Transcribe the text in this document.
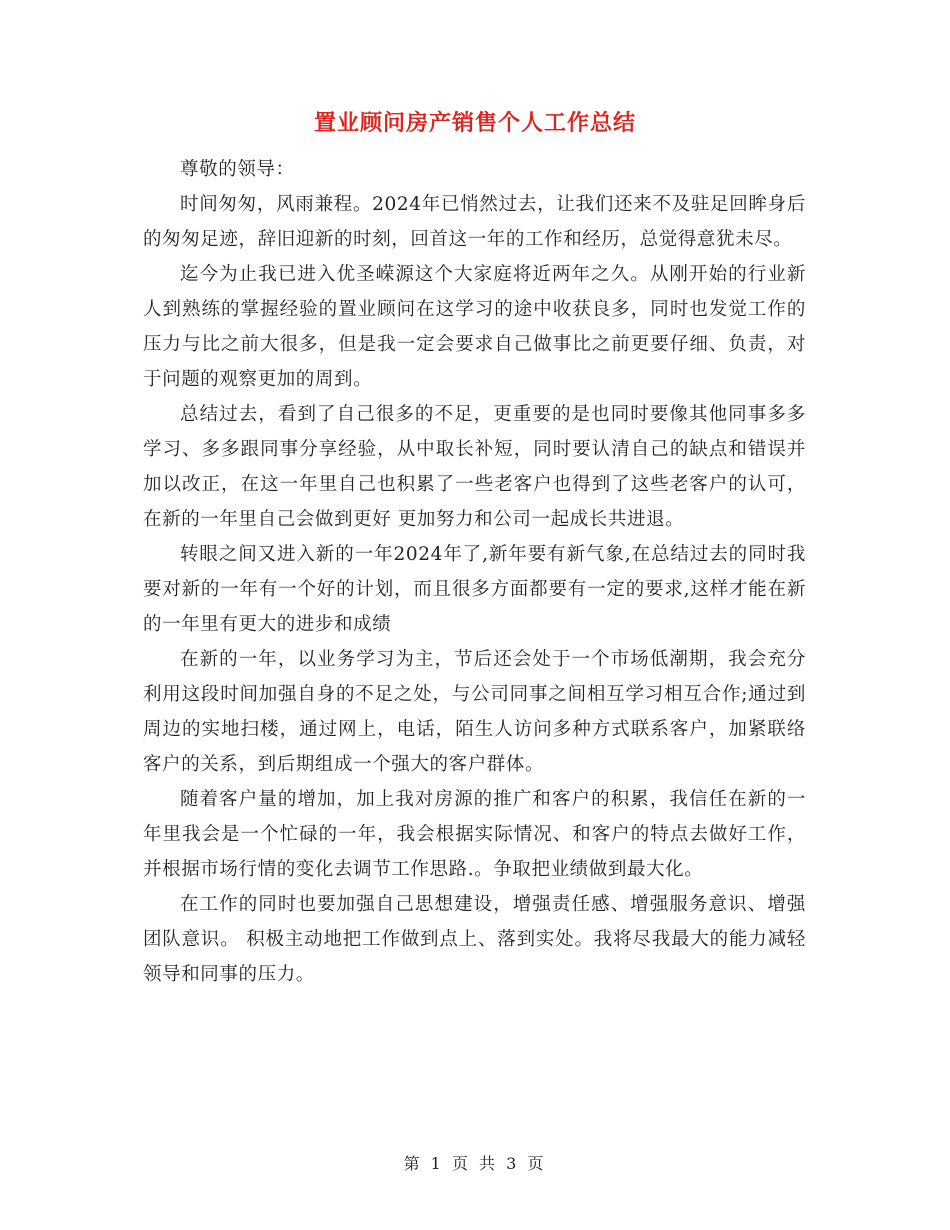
置业顾问房产销售个人工作总结

尊敬的领导：

时间匆匆，风雨兼程。2024年已悄然过去，让我们还来不及驻足回眸身后的匆匆足迹，辞旧迎新的时刻，回首这一年的工作和经历，总觉得意犹未尽。

迄今为止我已进入优圣嵘源这个大家庭将近两年之久。从刚开始的行业新人到熟练的掌握经验的置业顾问在这学习的途中收获良多，同时也发觉工作的压力与比之前大很多，但是我一定会要求自己做事比之前更要仔细、负责，对于问题的观察更加的周到。

总结过去，看到了自己很多的不足，更重要的是也同时要像其他同事多多学习、多多跟同事分享经验，从中取长补短，同时要认清自己的缺点和错误并加以改正，在这一年里自己也积累了一些老客户也得到了这些老客户的认可，在新的一年里自己会做到更好 更加努力和公司一起成长共进退。

转眼之间又进入新的一年2024年了,新年要有新气象,在总结过去的同时我要对新的一年有一个好的计划，而且很多方面都要有一定的要求,这样才能在新的一年里有更大的进步和成绩

在新的一年，以业务学习为主，节后还会处于一个市场低潮期，我会充分利用这段时间加强自身的不足之处，与公司同事之间相互学习相互合作;通过到周边的实地扫楼，通过网上，电话，陌生人访问多种方式联系客户，加紧联络客户的关系，到后期组成一个强大的客户群体。

随着客户量的增加，加上我对房源的推广和客户的积累，我信任在新的一年里我会是一个忙碌的一年，我会根据实际情况、和客户的特点去做好工作，并根据市场行情的变化去调节工作思路.。争取把业绩做到最大化。

在工作的同时也要加强自己思想建设，增强责任感、增强服务意识、增强团队意识。 积极主动地把工作做到点上、落到实处。我将尽我最大的能力减轻领导和同事的压力。

第 1 页 共 3 页
